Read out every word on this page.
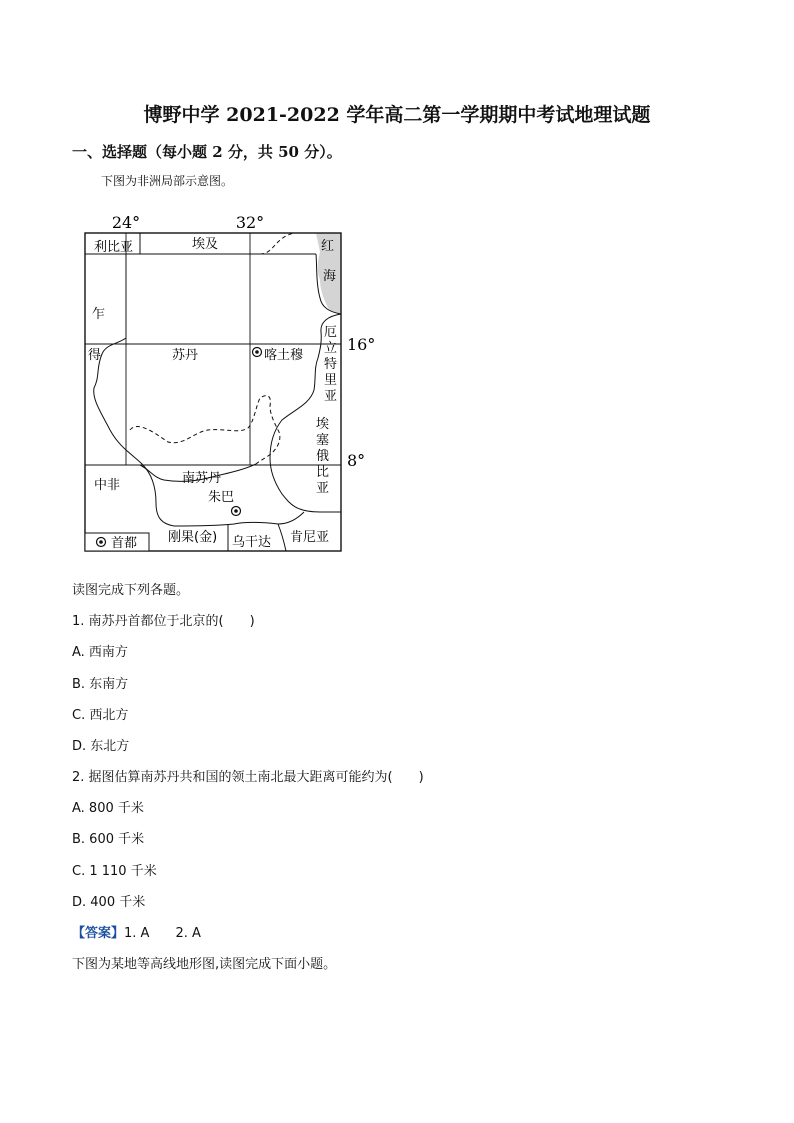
博野中学 2021-2022 学年高二第一学期期中考试地理试题
一、选择题（每小题 2 分，共 50 分）。
下图为非洲局部示意图。
24°	32°
首都
利比亚	埃及
乍
得	苏丹	喀土穆
红
海
厄
立
特
里
亚
埃
塞
俄
比
亚
中非	南苏丹
朱巴
刚果(金) 乌干达 肯尼亚
16°
8°
读图完成下列各题。
1. 南苏丹首都位于北京的(　　)
A. 西南方
B. 东南方
C. 西北方
D. 东北方
2. 据图估算南苏丹共和国的领土南北最大距离可能约为(　　)
A. 800 千米
B. 600 千米
C. 1 110 千米
D. 400 千米
【答案】1. A　　2. A
下图为某地等高线地形图,读图完成下面小题。
